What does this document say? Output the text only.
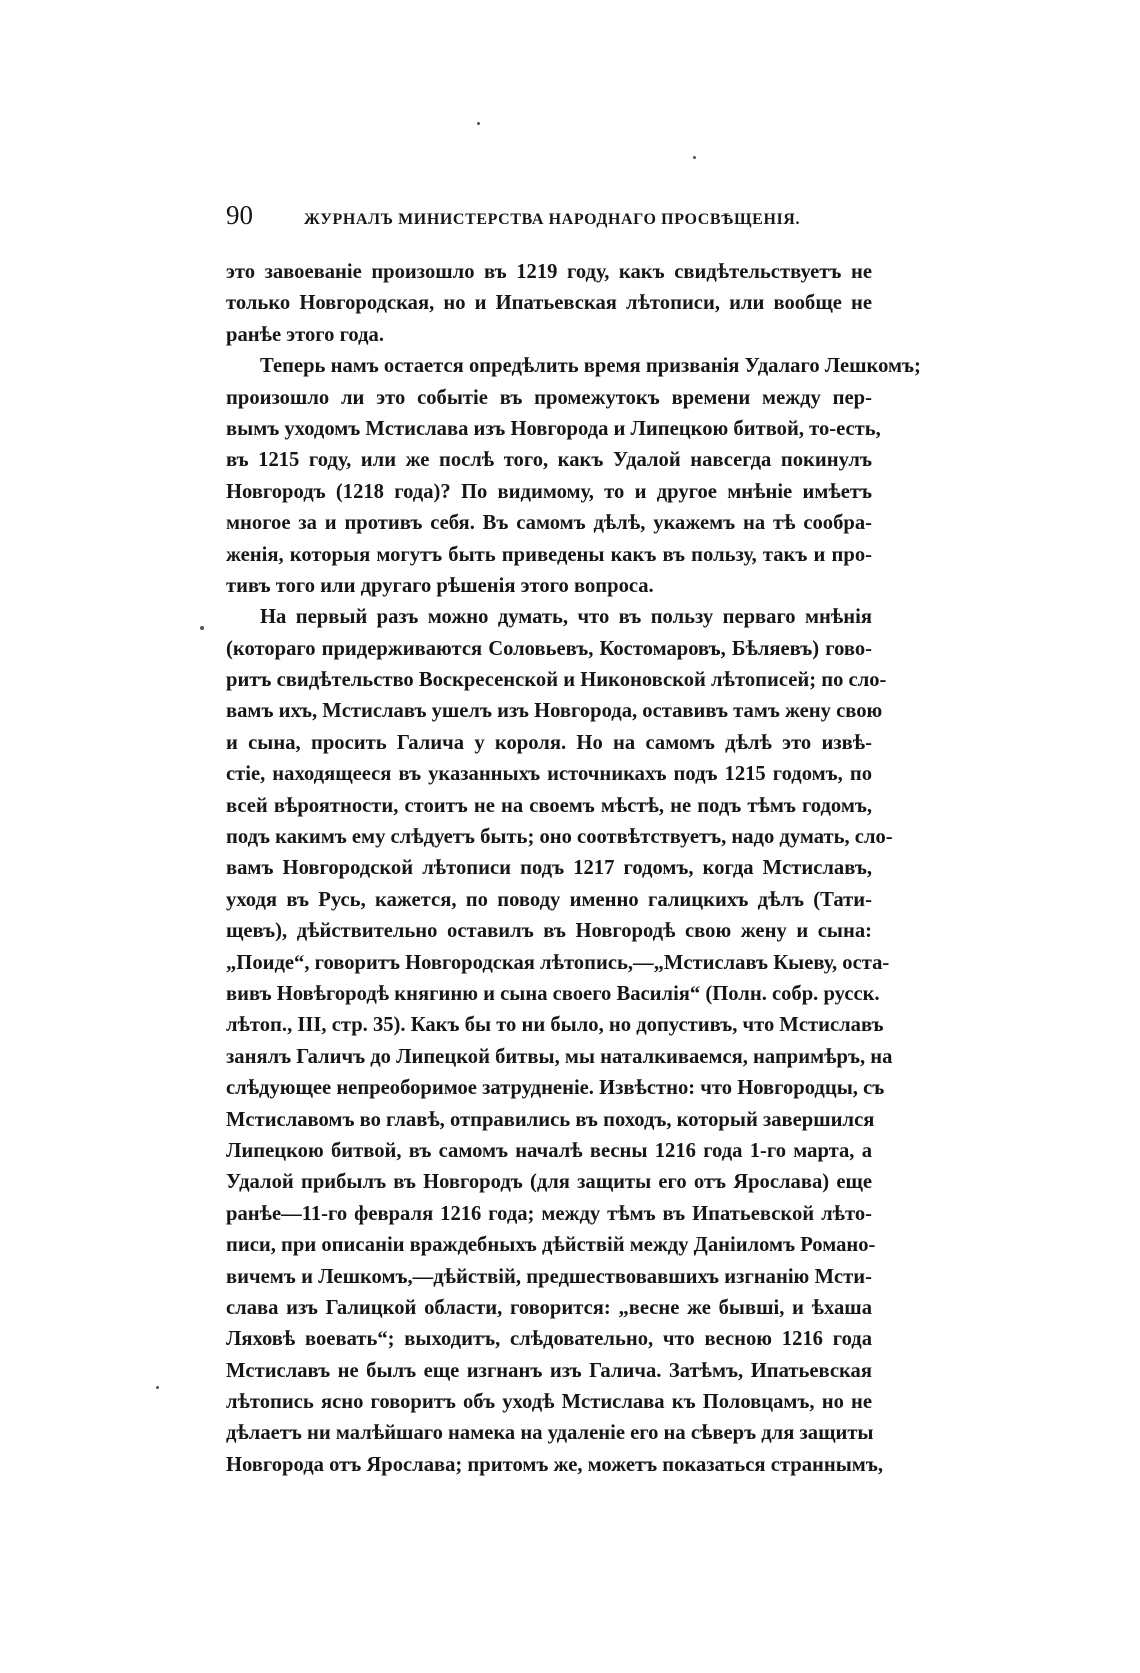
90	ЖУРНАЛЪ МИНИСТЕРСТВА НАРОДНАГО ПРОСВѢЩЕНІЯ.
это завоеваніе произошло въ 1219 году, какъ свидѣтельствуетъ не
только Новгородская, но и Ипатьевская лѣтописи, или вообще не
ранѣе этого года.
Теперь намъ остается опредѣлить время призванія Удалаго Лешкомъ;
произошло ли это событіе въ промежутокъ времени между пер-
вымъ уходомъ Мстислава изъ Новгорода и Липецкою битвой, то-есть,
въ 1215 году, или же послѣ того, какъ Удалой навсегда покинулъ
Новгородъ (1218 года)? По видимому, то и другое мнѣніе имѣетъ
многое за и противъ себя. Въ самомъ дѣлѣ, укажемъ на тѣ сообра-
женія, которыя могутъ быть приведены какъ въ пользу, такъ и про-
тивъ того или другаго рѣшенія этого вопроса.
На первый разъ можно думать, что въ пользу перваго мнѣнія
(котораго придерживаются Соловьевъ, Костомаровъ, Бѣляевъ) гово-
ритъ свидѣтельство Воскресенской и Никоновской лѣтописей; по сло-
вамъ ихъ, Мстиславъ ушелъ изъ Новгорода, оставивъ тамъ жену свою
и сына, просить Галича у короля. Но на самомъ дѣлѣ это извѣ-
стіе, находящееся въ указанныхъ источникахъ подъ 1215 годомъ, по
всей вѣроятности, стоитъ не на своемъ мѣстѣ, не подъ тѣмъ годомъ,
подъ какимъ ему слѣдуетъ быть; оно соотвѣтствуетъ, надо думать, сло-
вамъ Новгородской лѣтописи подъ 1217 годомъ, когда Мстиславъ,
уходя въ Русь, кажется, по поводу именно галицкихъ дѣлъ (Тати-
щевъ), дѣйствительно оставилъ въ Новгородѣ свою жену и сына:
„Поиде“, говоритъ Новгородская лѣтопись,—„Мстиславъ Кыеву, оста-
вивъ Новѣгородѣ княгиню и сына своего Василія“ (Полн. собр. русск.
лѣтоп., III, стр. 35). Какъ бы то ни было, но допустивъ, что Мстиславъ
занялъ Галичъ до Липецкой битвы, мы наталкиваемся, напримѣръ, на
слѣдующее непреоборимое затрудненіе. Извѣстно: что Новгородцы, съ
Мстиславомъ во главѣ, отправились въ походъ, который завершился
Липецкою битвой, въ самомъ началѣ весны 1216 года 1-го марта, а
Удалой прибылъ въ Новгородъ (для защиты его отъ Ярослава) еще
ранѣе—11-го февраля 1216 года; между тѣмъ въ Ипатьевской лѣто-
писи, при описаніи враждебныхъ дѣйствій между Даніиломъ Романо-
вичемъ и Лешкомъ,—дѣйствій, предшествовавшихъ изгнанію Мсти-
слава изъ Галицкой области, говорится: „весне же бывші, и ѣхаша
Ляховѣ воевать“; выходитъ, слѣдовательно, что весною 1216 года
Мстиславъ не былъ еще изгнанъ изъ Галича. Затѣмъ, Ипатьевская
лѣтопись ясно говоритъ объ уходѣ Мстислава къ Половцамъ, но не
дѣлаетъ ни малѣйшаго намека на удаленіе его на сѣверъ для защиты
Новгорода отъ Ярослава; притомъ же, можетъ показаться страннымъ,
